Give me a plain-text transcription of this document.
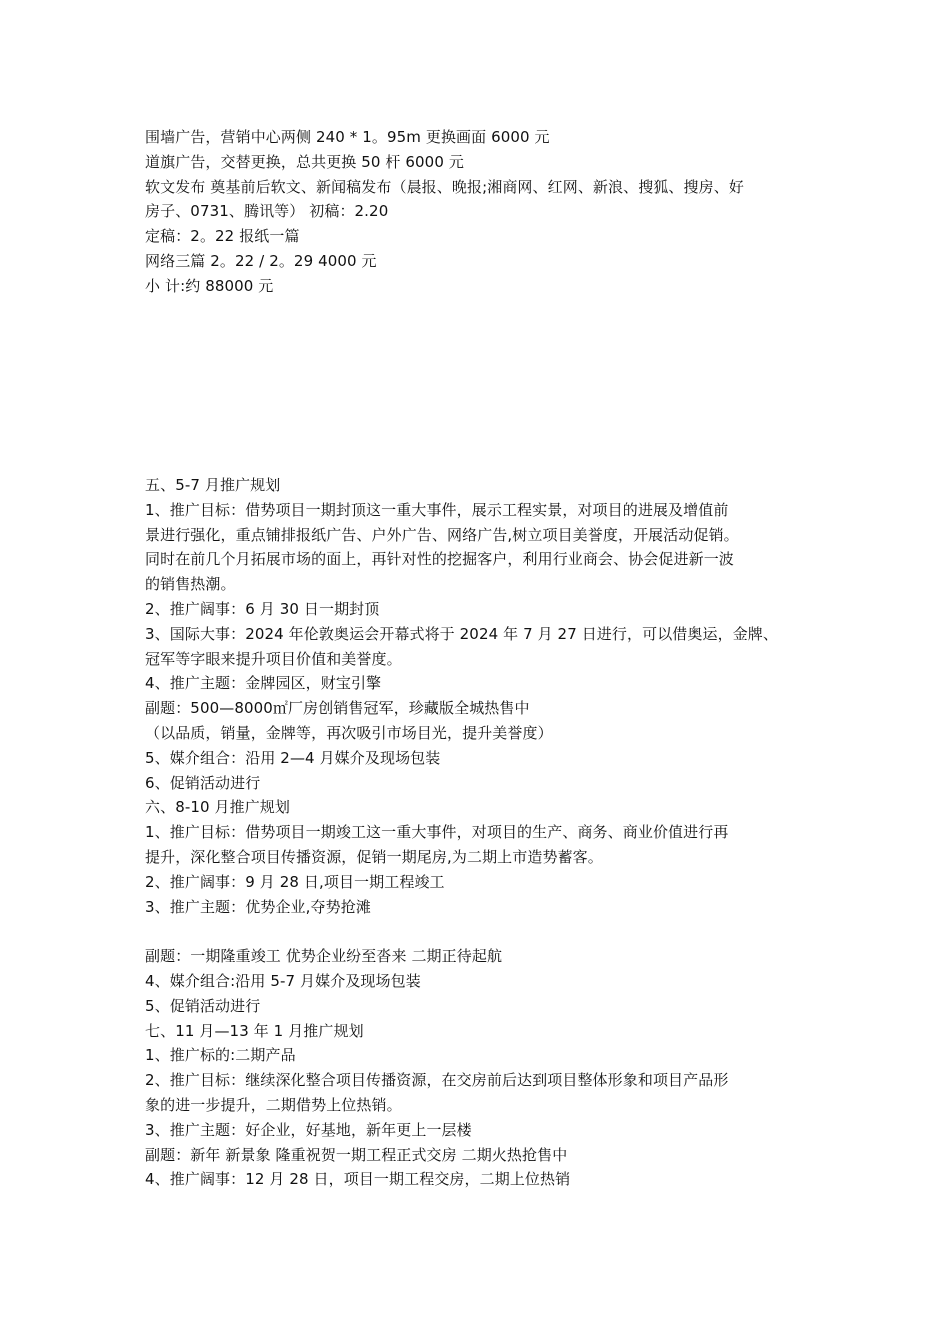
围墙广告，营销中心两侧 240 * 1。95m 更换画面 6000 元
道旗广告，交替更换，总共更换 50 杆 6000 元
软文发布 奠基前后软文、新闻稿发布（晨报、晚报;湘商网、红网、新浪、搜狐、搜房、好
房子、0731、腾讯等） 初稿：2.20
定稿：2。22 报纸一篇
网络三篇 2。22 / 2。29 4000 元
小 计:约 88000 元
五、5-7 月推广规划
1、推广目标：借势项目一期封顶这一重大事件，展示工程实景，对项目的进展及增值前
景进行强化，重点铺排报纸广告、户外广告、网络广告,树立项目美誉度，开展活动促销。
同时在前几个月拓展市场的面上，再针对性的挖掘客户，利用行业商会、协会促进新一波
的销售热潮。
2、推广阔事：6 月 30 日一期封顶
3、国际大事：2024 年伦敦奥运会开幕式将于 2024 年 7 月 27 日进行，可以借奥运，金牌、
冠军等字眼来提升项目价值和美誉度。
4、推广主题：金牌园区，财宝引擎
副题：500—8000㎡厂房创销售冠军，珍藏版全城热售中
（以品质，销量，金牌等，再次吸引市场目光，提升美誉度）
5、媒介组合：沿用 2—4 月媒介及现场包装
6、促销活动进行
六、8-10 月推广规划
1、推广目标：借势项目一期竣工这一重大事件，对项目的生产、商务、商业价值进行再
提升，深化整合项目传播资源，促销一期尾房,为二期上市造势蓄客。
2、推广阔事：9 月 28 日,项目一期工程竣工
3、推广主题：优势企业,夺势抢滩

副题：一期隆重竣工 优势企业纷至沓来 二期正待起航
4、媒介组合:沿用 5-7 月媒介及现场包装
5、促销活动进行
七、11 月—13 年 1 月推广规划
1、推广标的:二期产品
2、推广目标：继续深化整合项目传播资源，在交房前后达到项目整体形象和项目产品形
象的进一步提升，二期借势上位热销。
3、推广主题：好企业，好基地，新年更上一层楼
副题：新年 新景象 隆重祝贺一期工程正式交房 二期火热抢售中
4、推广阔事：12 月 28 日，项目一期工程交房，二期上位热销
